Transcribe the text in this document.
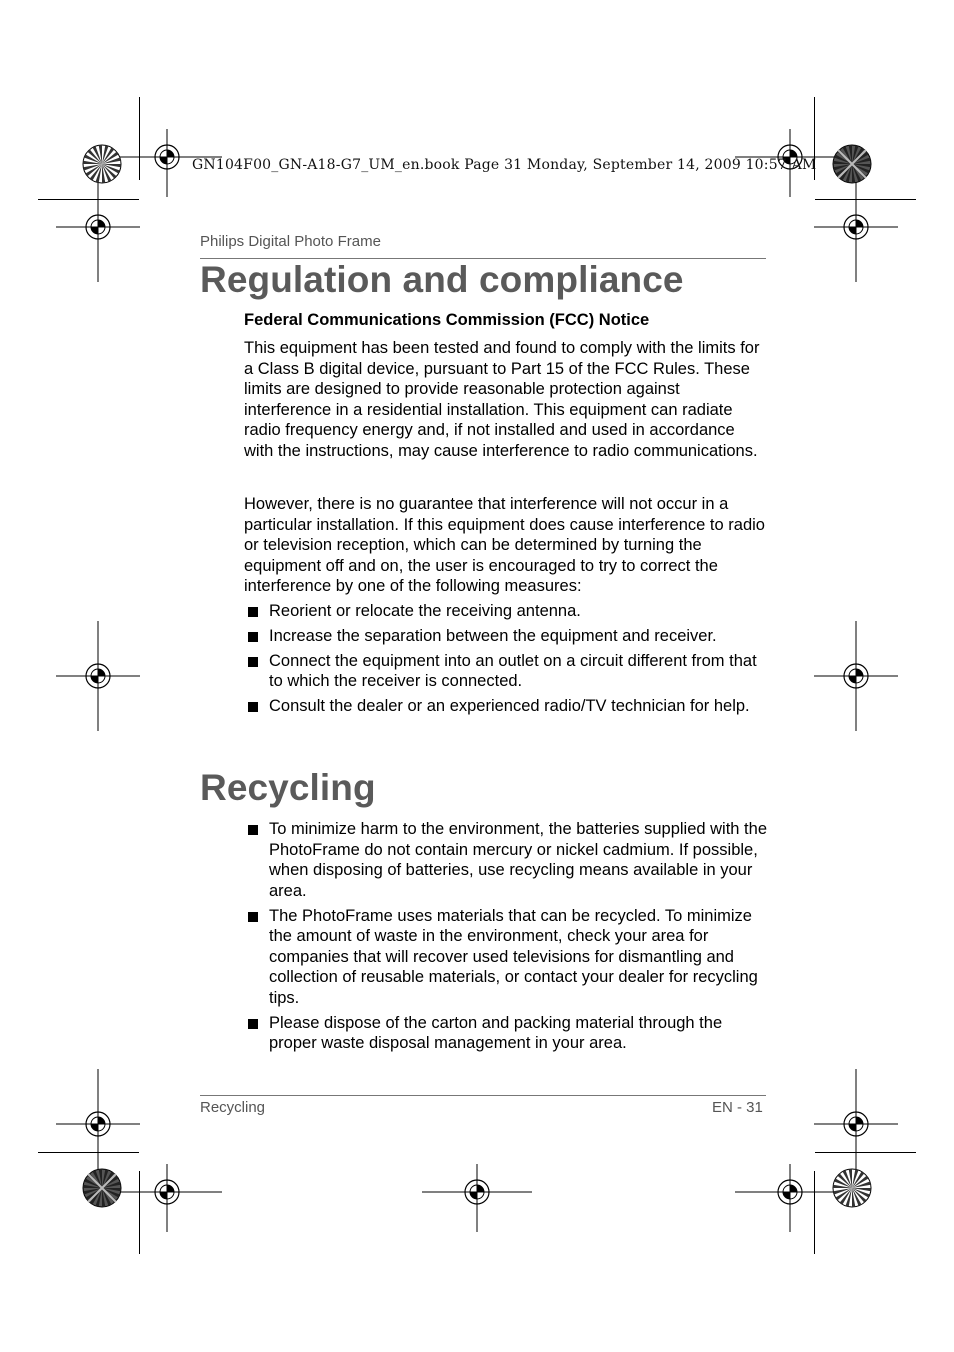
GN104F00_GN-A18-G7_UM_en.book Page 31 Monday, September 14, 2009 10:57 AM
Philips Digital Photo Frame
Regulation and compliance
Federal Communications Commission (FCC) Notice

This equipment has been tested and found to comply with the limits for a Class B digital device, pursuant to Part 15 of the FCC Rules. These limits are designed to provide reasonable protection against interference in a residential installation. This equipment can radiate radio frequency energy and, if not installed and used in accordance with the instructions, may cause interference to radio communications.

However, there is no guarantee that interference will not occur in a particular installation. If this equipment does cause interference to radio or television reception, which can be determined by turning the equipment off and on, the user is encouraged to try to correct the interference by one of the following measures:

Reorient or relocate the receiving antenna.
Increase the separation between the equipment and receiver.
Connect the equipment into an outlet on a circuit different from that to which the receiver is connected.
Consult the dealer or an experienced radio/TV technician for help.
Recycling
To minimize harm to the environment, the batteries supplied with the PhotoFrame do not contain mercury or nickel cadmium. If possible, when disposing of batteries, use recycling means available in your area.
The PhotoFrame uses materials that can be recycled. To minimize the amount of waste in the environment, check your area for companies that will recover used televisions for dismantling and collection of reusable materials, or contact your dealer for recycling tips.
Please dispose of the carton and packing material through the proper waste disposal management in your area.
Recycling	EN - 31
